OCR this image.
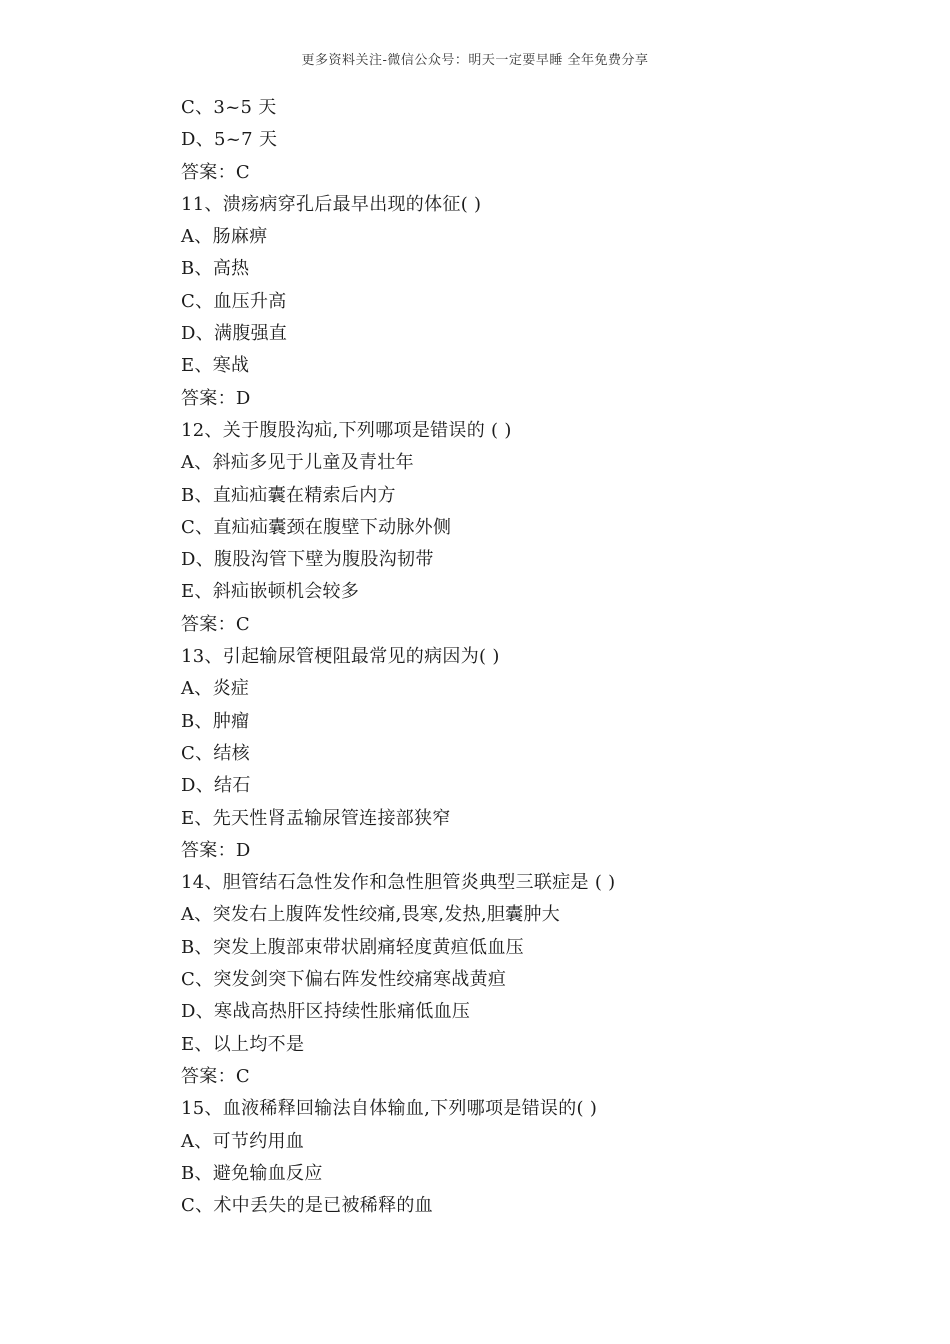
更多资料关注-微信公众号：明天一定要早睡 全年免费分享
C、3~5 天
D、5~7 天
答案：C
11、溃疡病穿孔后最早出现的体征( )
A、肠麻痹
B、高热
C、血压升高
D、满腹强直
E、寒战
答案：D
12、关于腹股沟疝,下列哪项是错误的 ( )
A、斜疝多见于儿童及青壮年
B、直疝疝囊在精索后内方
C、直疝疝囊颈在腹壁下动脉外侧
D、腹股沟管下壁为腹股沟韧带
E、斜疝嵌顿机会较多
答案：C
13、引起输尿管梗阻最常见的病因为( )
A、炎症
B、肿瘤
C、结核
D、结石
E、先天性肾盂输尿管连接部狭窄
答案：D
14、胆管结石急性发作和急性胆管炎典型三联症是 ( )
A、突发右上腹阵发性绞痛,畏寒,发热,胆囊肿大
B、突发上腹部束带状剧痛轻度黄疸低血压
C、突发剑突下偏右阵发性绞痛寒战黄疸
D、寒战高热肝区持续性胀痛低血压
E、以上均不是
答案：C
15、血液稀释回输法自体输血,下列哪项是错误的( )
A、可节约用血
B、避免输血反应
C、术中丢失的是已被稀释的血
